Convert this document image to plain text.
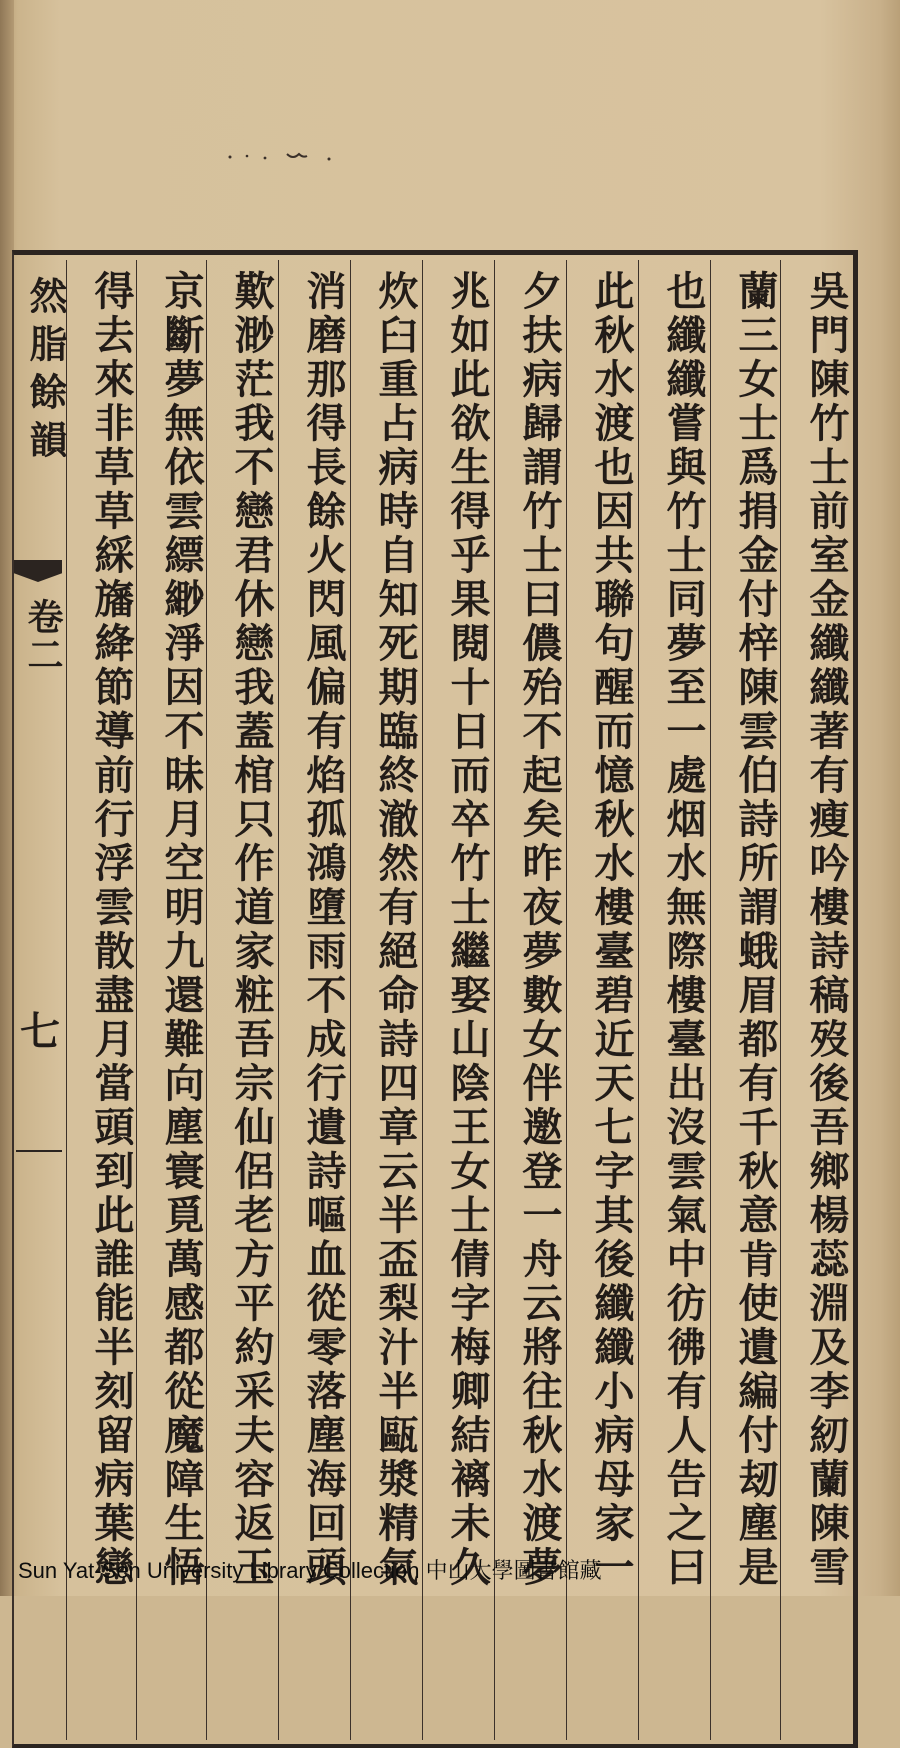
然脂餘韻
卷二
七	吳門陳竹士前室金纖纖著有瘦吟樓詩稿歿後吾鄉楊蕊淵及李紉蘭陳雪
蘭三女士爲捐金付梓陳雲伯詩所謂蛾眉都有千秋意肯使遺編付刼塵是
也纖纖嘗與竹士同夢至一處烟水無際樓臺出沒雲氣中彷彿有人告之曰
此秋水渡也因共聯句醒而憶秋水樓臺碧近天七字其後纖纖小病母家一
夕扶病歸謂竹士曰儂殆不起矣昨夜夢數女伴邀登一舟云將往秋水渡夢
兆如此欲生得乎果閱十日而卒竹士繼娶山陰王女士倩字梅卿結褵未久
炊臼重占病時自知死期臨終澈然有絕命詩四章云半盃梨汁半甌漿精氣
消磨那得長餘火閃風偏有焰孤鴻墮雨不成行遺詩嘔血從零落塵海回頭
歎渺茫我不戀君休戀我蓋棺只作道家粧吾宗仙侶老方平約采夫容返玉
京斷夢無依雲縹緲淨因不昧月空明九還難向塵寰覓萬感都從魔障生悟
得去來非草草綵旛絳節導前行浮雲散盡月當頭到此誰能半刻留病葉戀
Sun Yat-Sen University Library Collection 中山大學圖書館藏
